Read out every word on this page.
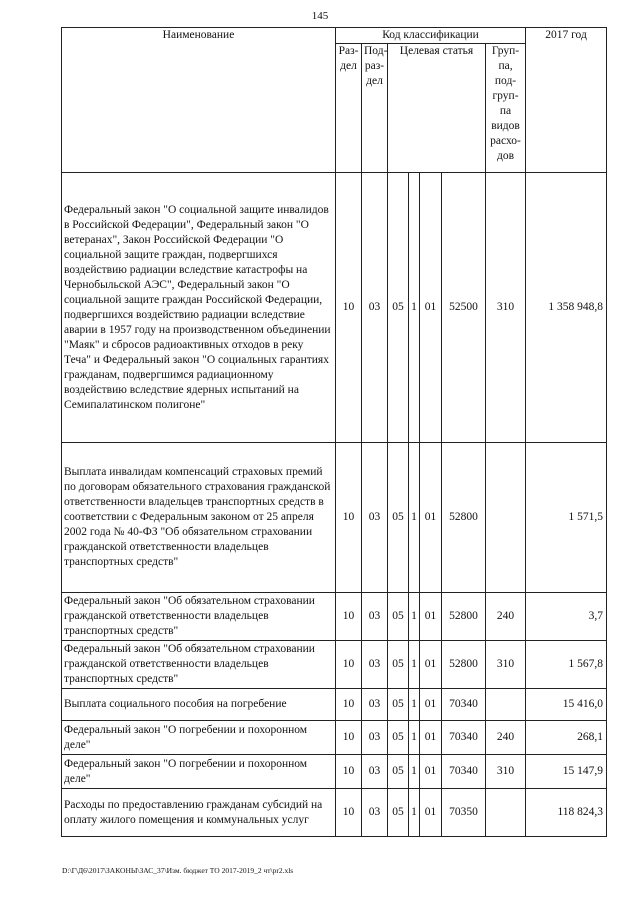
145
Наименование	Код классификации							2017 год
	Раз-дел	Под-раз-дел	Целевая статья				Груп-па, под-груп-па видов расхо-дов	

Федеральный закон "О социальной защите инвалидов в Российской Федерации", Федеральный закон "О ветеранах", Закон Российской Федерации "О социальной защите граждан, подвергшихся воздействию радиации вследствие катастрофы на Чернобыльской АЭС", Федеральный закон "О социальной защите граждан Российской Федерации, подвергшихся воздействию радиации вследствие аварии в 1957 году на производственном объединении "Маяк" и сбросов радиоактивных отходов в реку Теча" и Федеральный закон "О социальных гарантиях гражданам, подвергшимся радиационному воздействию вследствие ядерных испытаний на Семипалатинском полигоне"	10	03	05	1	01	52500	310	1 358 948,8
Выплата инвалидам компенсаций страховых премий по договорам обязательного страхования гражданской ответственности владельцев транспортных средств в соответствии с Федеральным законом от 25 апреля 2002 года № 40-ФЗ "Об обязательном страховании гражданской ответственности владельцев транспортных средств"	10	03	05	1	01	52800		1 571,5
Федеральный закон "Об обязательном страховании гражданской ответственности владельцев транспортных средств"	10	03	05	1	01	52800	240	3,7
Федеральный закон "Об обязательном страховании гражданской ответственности владельцев транспортных средств"	10	03	05	1	01	52800	310	1 567,8
Выплата социального пособия на погребение	10	03	05	1	01	70340		15 416,0
Федеральный закон "О погребении и похоронном деле"	10	03	05	1	01	70340	240	268,1
Федеральный закон "О погребении и похоронном деле"	10	03	05	1	01	70340	310	15 147,9
Расходы по предоставлению гражданам субсидий на оплату жилого помещения и коммунальных услуг	10	03	05	1	01	70350		118 824,3
D:\Г\Д6\2017\ЗАКОНЫ\ЗАС_37\Изм. бюджет ТО 2017-2019_2 чт\pr2.xls
